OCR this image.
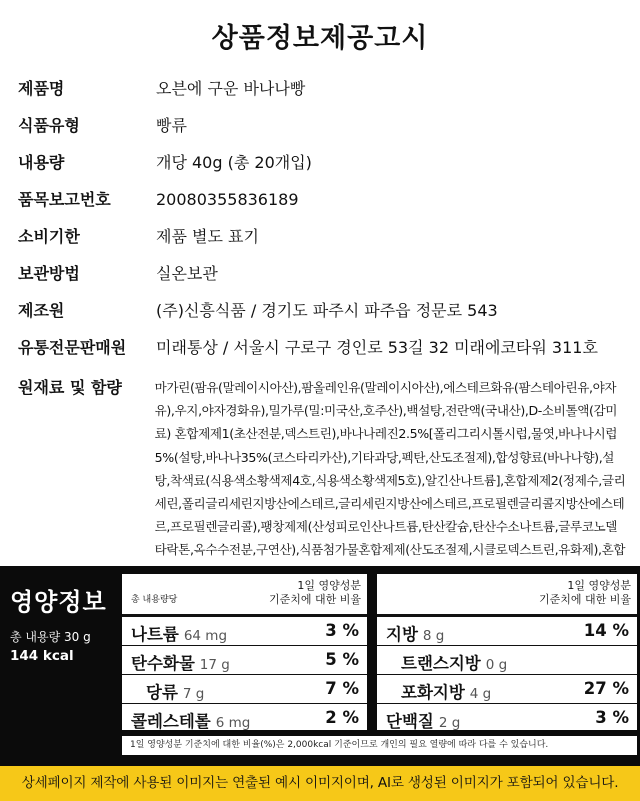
상품정보제공고시
제품명	오븐에 구운 바나나빵
식품유형	빵류
내용량	개당 40g (총 20개입)
품목보고번호	20080355836189
소비기한	제품 별도 표기
보관방법	실온보관
제조원	(주)신흥식품 / 경기도 파주시 파주읍 정문로 543
유통전문판매원	미래통상 / 서울시 구로구 경인로 53길 32 미래에코타워 311호
원재료 및 함량	마가린(팜유(말레이시아산),팜올레인유(말레이시아산),에스테르화유(팜스테아린유,야자유),우지,야자경화유),밀가루(밀:미국산,호주산),백설탕,전란액(국내산),D-소비톨액(감미료) 혼합제제1(초산전분,덱스트린),바나나레진2.5%[폴리그리시톨시럽,물엿,바나나시럽5%(설탕,바나나35%(코스타리카산),기타과당,펙탄,산도조절제),합성향료(바나나향),설탕,착색료(식용색소황색제4호,식용색소황색제5호),알긴산나트륨],혼합제제2(정제수,글리세린,폴리글리세린지방산에스테르,글리세린지방산에스테르,프로필렌글리콜지방산에스테르,프로필렌글리콜),팽창제제(산성피로인산나트륨,탄산칼슘,탄산수소나트륨,글루코노델타락톤,옥수수전분,구연산),식품첨가물혼합제제(산도조절제,시클로덱스트린,유화제),혼합
영양정보
총 내용량 30 g
144 kcal
총 내용량당
1일 영양성분
기준치에 대한 비율
나트륨 64 mg	3 %
탄수화물 17 g	5 %
당류 7 g	7 %
콜레스테롤 6 mg	2 %
1일 영양성분
기준치에 대한 비율
지방 8 g	14 %
트랜스지방 0 g
포화지방 4 g	27 %
단백질 2 g	3 %
1일 영양성분 기준치에 대한 비율(%)은 2,000kcal 기준이므로 개인의 필요 열량에 따라 다를 수 있습니다.
상세페이지 제작에 사용된 이미지는 연출된 예시 이미지이며, AI로 생성된 이미지가 포함되어 있습니다.
